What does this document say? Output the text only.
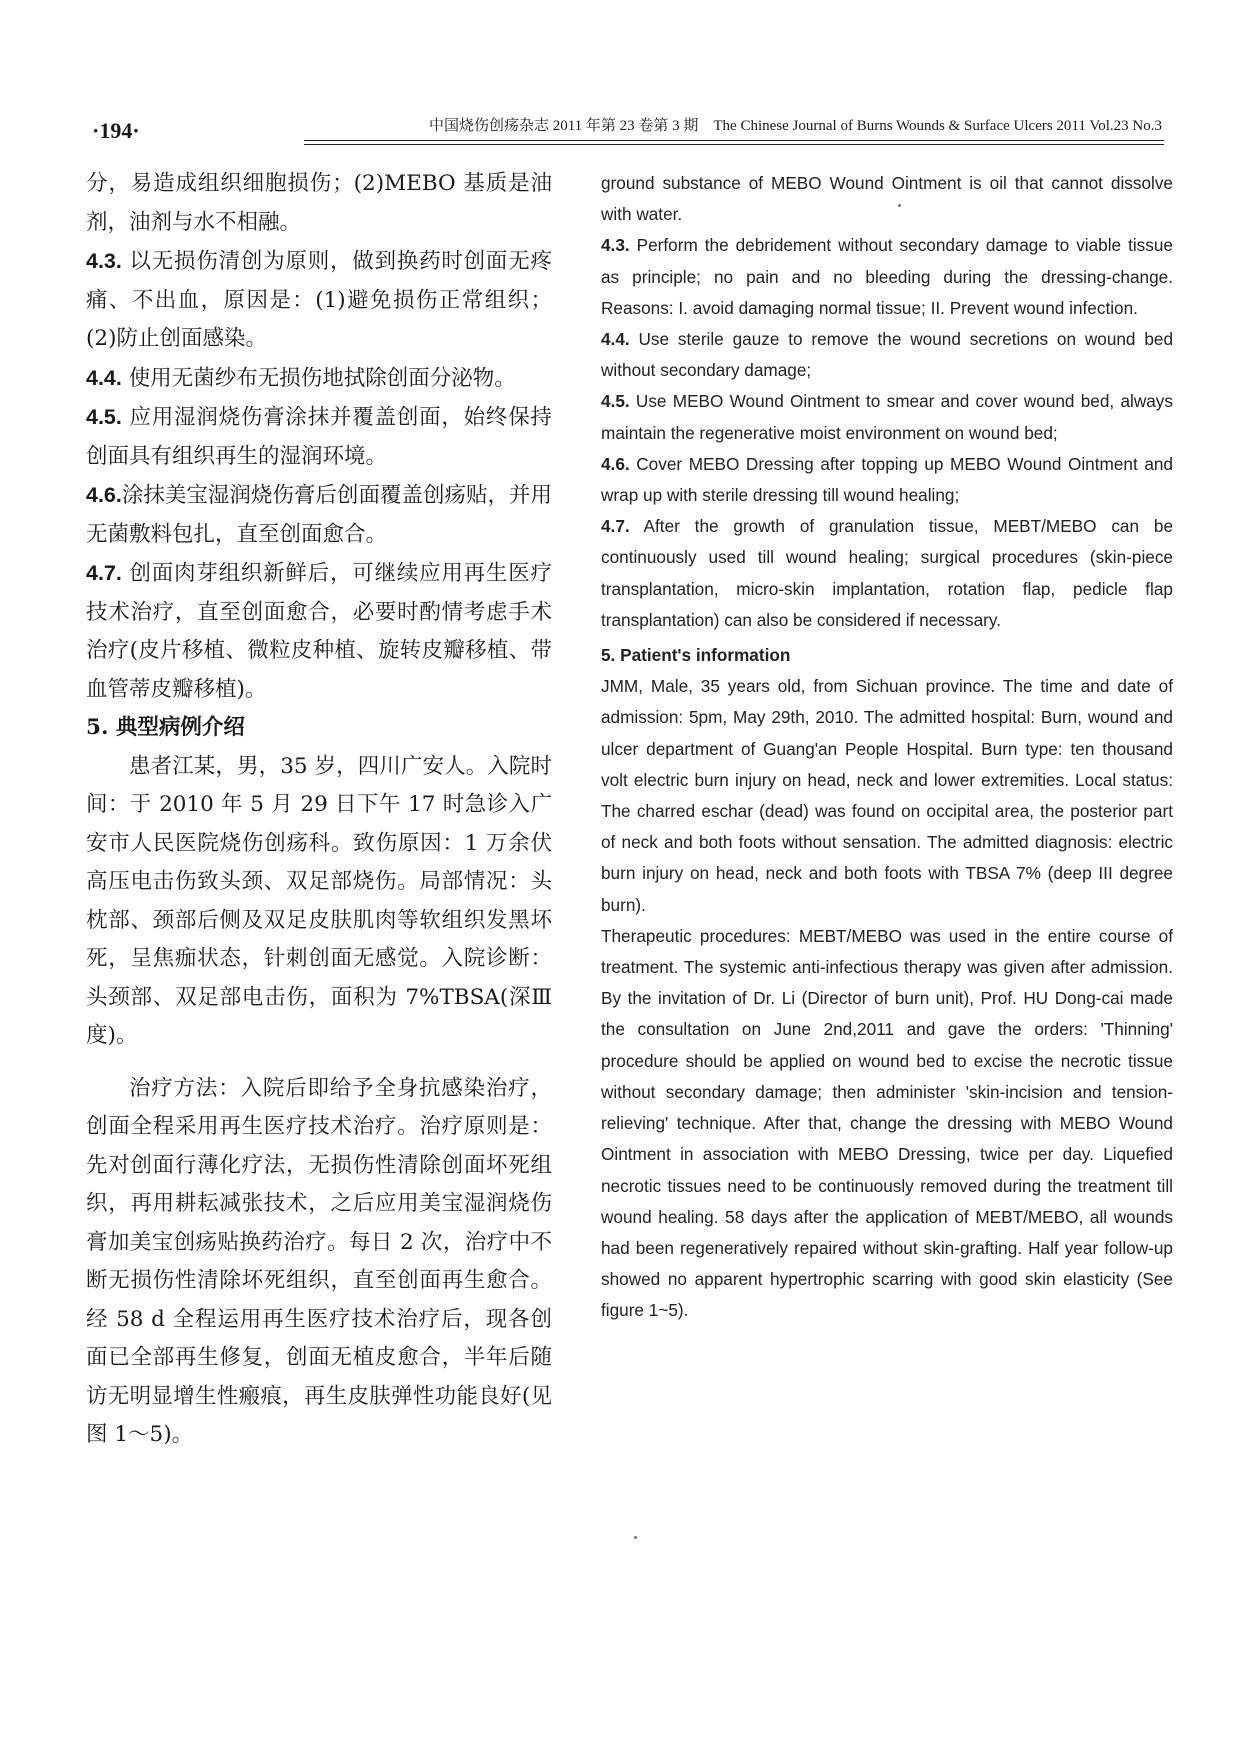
·194·	中国烧伤创疡杂志 2011 年第 23 卷第 3 期　The Chinese Journal of Burns Wounds & Surface Ulcers 2011 Vol.23 No.3

分，易造成组织细胞损伤；(2)MEBO 基质是油剂，油剂与水不相融。

4.3. 以无损伤清创为原则，做到换药时创面无疼痛、不出血，原因是：(1)避免损伤正常组织；(2)防止创面感染。

4.4. 使用无菌纱布无损伤地拭除创面分泌物。

4.5. 应用湿润烧伤膏涂抹并覆盖创面，始终保持创面具有组织再生的湿润环境。

4.6.涂抹美宝湿润烧伤膏后创面覆盖创疡贴，并用无菌敷料包扎，直至创面愈合。

4.7. 创面肉芽组织新鲜后，可继续应用再生医疗技术治疗，直至创面愈合，必要时酌情考虑手术治疗(皮片移植、微粒皮种植、旋转皮瓣移植、带血管蒂皮瓣移植)。

5. 典型病例介绍

患者江某，男，35 岁，四川广安人。入院时间：于 2010 年 5 月 29 日下午 17 时急诊入广安市人民医院烧伤创疡科。致伤原因：1 万余伏高压电击伤致头颈、双足部烧伤。局部情况：头枕部、颈部后侧及双足皮肤肌肉等软组织发黑坏死，呈焦痂状态，针刺创面无感觉。入院诊断：头颈部、双足部电击伤，面积为 7%TBSA(深Ⅲ度)。

治疗方法：入院后即给予全身抗感染治疗，创面全程采用再生医疗技术治疗。治疗原则是：先对创面行薄化疗法，无损伤性清除创面坏死组织，再用耕耘减张技术，之后应用美宝湿润烧伤膏加美宝创疡贴换药治疗。每日 2 次，治疗中不断无损伤性清除坏死组织，直至创面再生愈合。经 58 d 全程运用再生医疗技术治疗后，现各创面已全部再生修复，创面无植皮愈合，半年后随访无明显增生性瘢痕，再生皮肤弹性功能良好(见图 1～5)。

ground substance of MEBO Wound Ointment is oil that cannot dissolve with water.

4.3. Perform the debridement without secondary damage to viable tissue as principle; no pain and no bleeding during the dressing-change. Reasons: I. avoid damaging normal tissue; II. Prevent wound infection.

4.4. Use sterile gauze to remove the wound secretions on wound bed without secondary damage;

4.5. Use MEBO Wound Ointment to smear and cover wound bed, always maintain the regenerative moist environment on wound bed;

4.6. Cover MEBO Dressing after topping up MEBO Wound Ointment and wrap up with sterile dressing till wound healing;

4.7. After the growth of granulation tissue, MEBT/MEBO can be continuously used till wound healing; surgical procedures (skin-piece transplantation, micro-skin implantation, rotation flap, pedicle flap transplantation) can also be considered if necessary.

5. Patient's information

JMM, Male, 35 years old, from Sichuan province. The time and date of admission: 5pm, May 29th, 2010. The admitted hospital: Burn, wound and ulcer department of Guang'an People Hospital. Burn type: ten thousand volt electric burn injury on head, neck and lower extremities. Local status: The charred eschar (dead) was found on occipital area, the posterior part of neck and both foots without sensation. The admitted diagnosis: electric burn injury on head, neck and both foots with TBSA 7% (deep III degree burn).

Therapeutic procedures: MEBT/MEBO was used in the entire course of treatment. The systemic anti-infectious therapy was given after admission. By the invitation of Dr. Li (Director of burn unit), Prof. HU Dong-cai made the consultation on June 2nd,2011 and gave the orders: 'Thinning' procedure should be applied on wound bed to excise the necrotic tissue without secondary damage; then administer 'skin-incision and tension-relieving' technique. After that, change the dressing with MEBO Wound Ointment in association with MEBO Dressing, twice per day. Liquefied necrotic tissues need to be continuously removed during the treatment till wound healing. 58 days after the application of MEBT/MEBO, all wounds had been regeneratively repaired without skin-grafting. Half year follow-up showed no apparent hypertrophic scarring with good skin elasticity (See figure 1~5).
